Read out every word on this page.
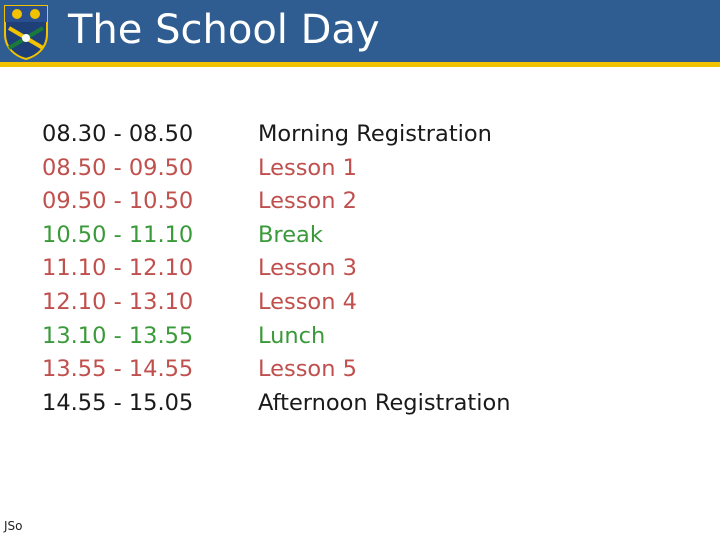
The School Day
08.30 - 08.50	Morning Registration
08.50 - 09.50	Lesson 1
09.50 - 10.50	Lesson 2
10.50 - 11.10	Break
11.10 - 12.10	Lesson 3
12.10 - 13.10	Lesson 4
13.10 - 13.55	Lunch
13.55 - 14.55	Lesson 5
14.55 - 15.05	Afternoon Registration
JSo
